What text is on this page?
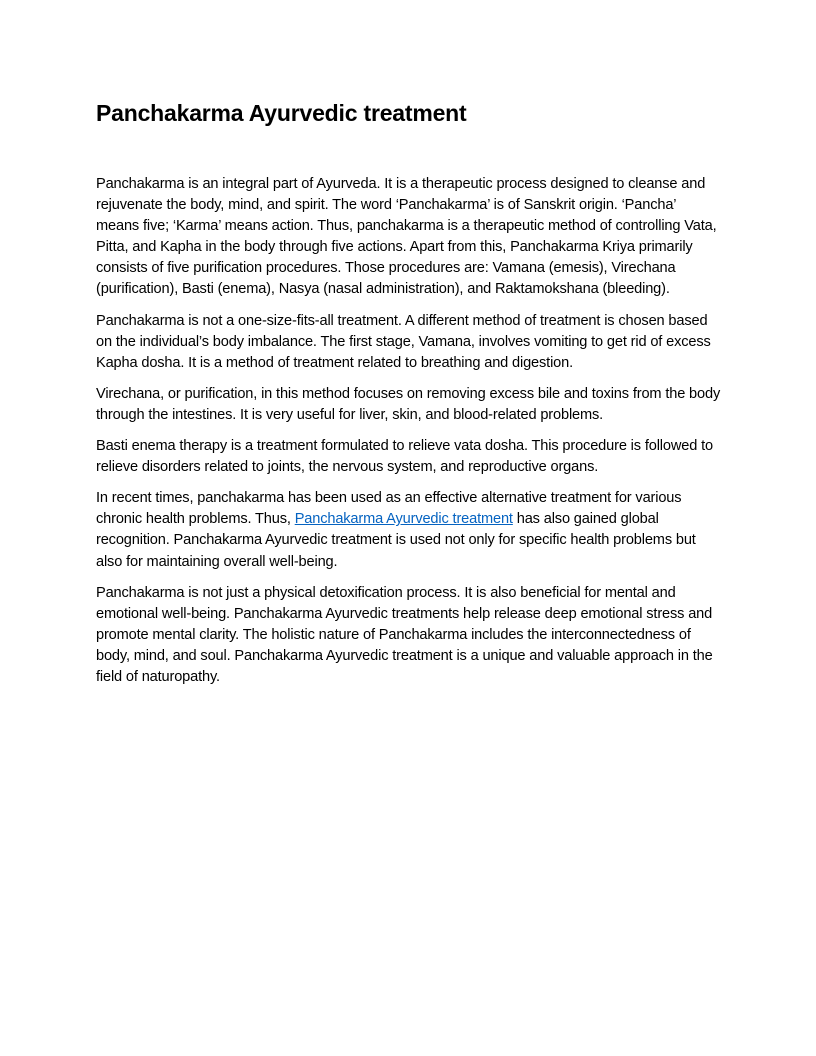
Panchakarma Ayurvedic treatment

Panchakarma is an integral part of Ayurveda. It is a therapeutic process designed to cleanse and rejuvenate the body, mind, and spirit. The word ‘Panchakarma’ is of Sanskrit origin. ‘Pancha’ means five; ‘Karma’ means action. Thus, panchakarma is a therapeutic method of controlling Vata, Pitta, and Kapha in the body through five actions. Apart from this, Panchakarma Kriya primarily consists of five purification procedures. Those procedures are: Vamana (emesis), Virechana (purification), Basti (enema), Nasya (nasal administration), and Raktamokshana (bleeding).

Panchakarma is not a one-size-fits-all treatment. A different method of treatment is chosen based on the individual’s body imbalance. The first stage, Vamana, involves vomiting to get rid of excess Kapha dosha. It is a method of treatment related to breathing and digestion.

Virechana, or purification, in this method focuses on removing excess bile and toxins from the body through the intestines. It is very useful for liver, skin, and blood-related problems.

Basti enema therapy is a treatment formulated to relieve vata dosha. This procedure is followed to relieve disorders related to joints, the nervous system, and reproductive organs.

In recent times, panchakarma has been used as an effective alternative treatment for various chronic health problems. Thus, Panchakarma Ayurvedic treatment has also gained global recognition. Panchakarma Ayurvedic treatment is used not only for specific health problems but also for maintaining overall well-being.

Panchakarma is not just a physical detoxification process. It is also beneficial for mental and emotional well-being. Panchakarma Ayurvedic treatments help release deep emotional stress and promote mental clarity. The holistic nature of Panchakarma includes the interconnectedness of body, mind, and soul. Panchakarma Ayurvedic treatment is a unique and valuable approach in the field of naturopathy.
